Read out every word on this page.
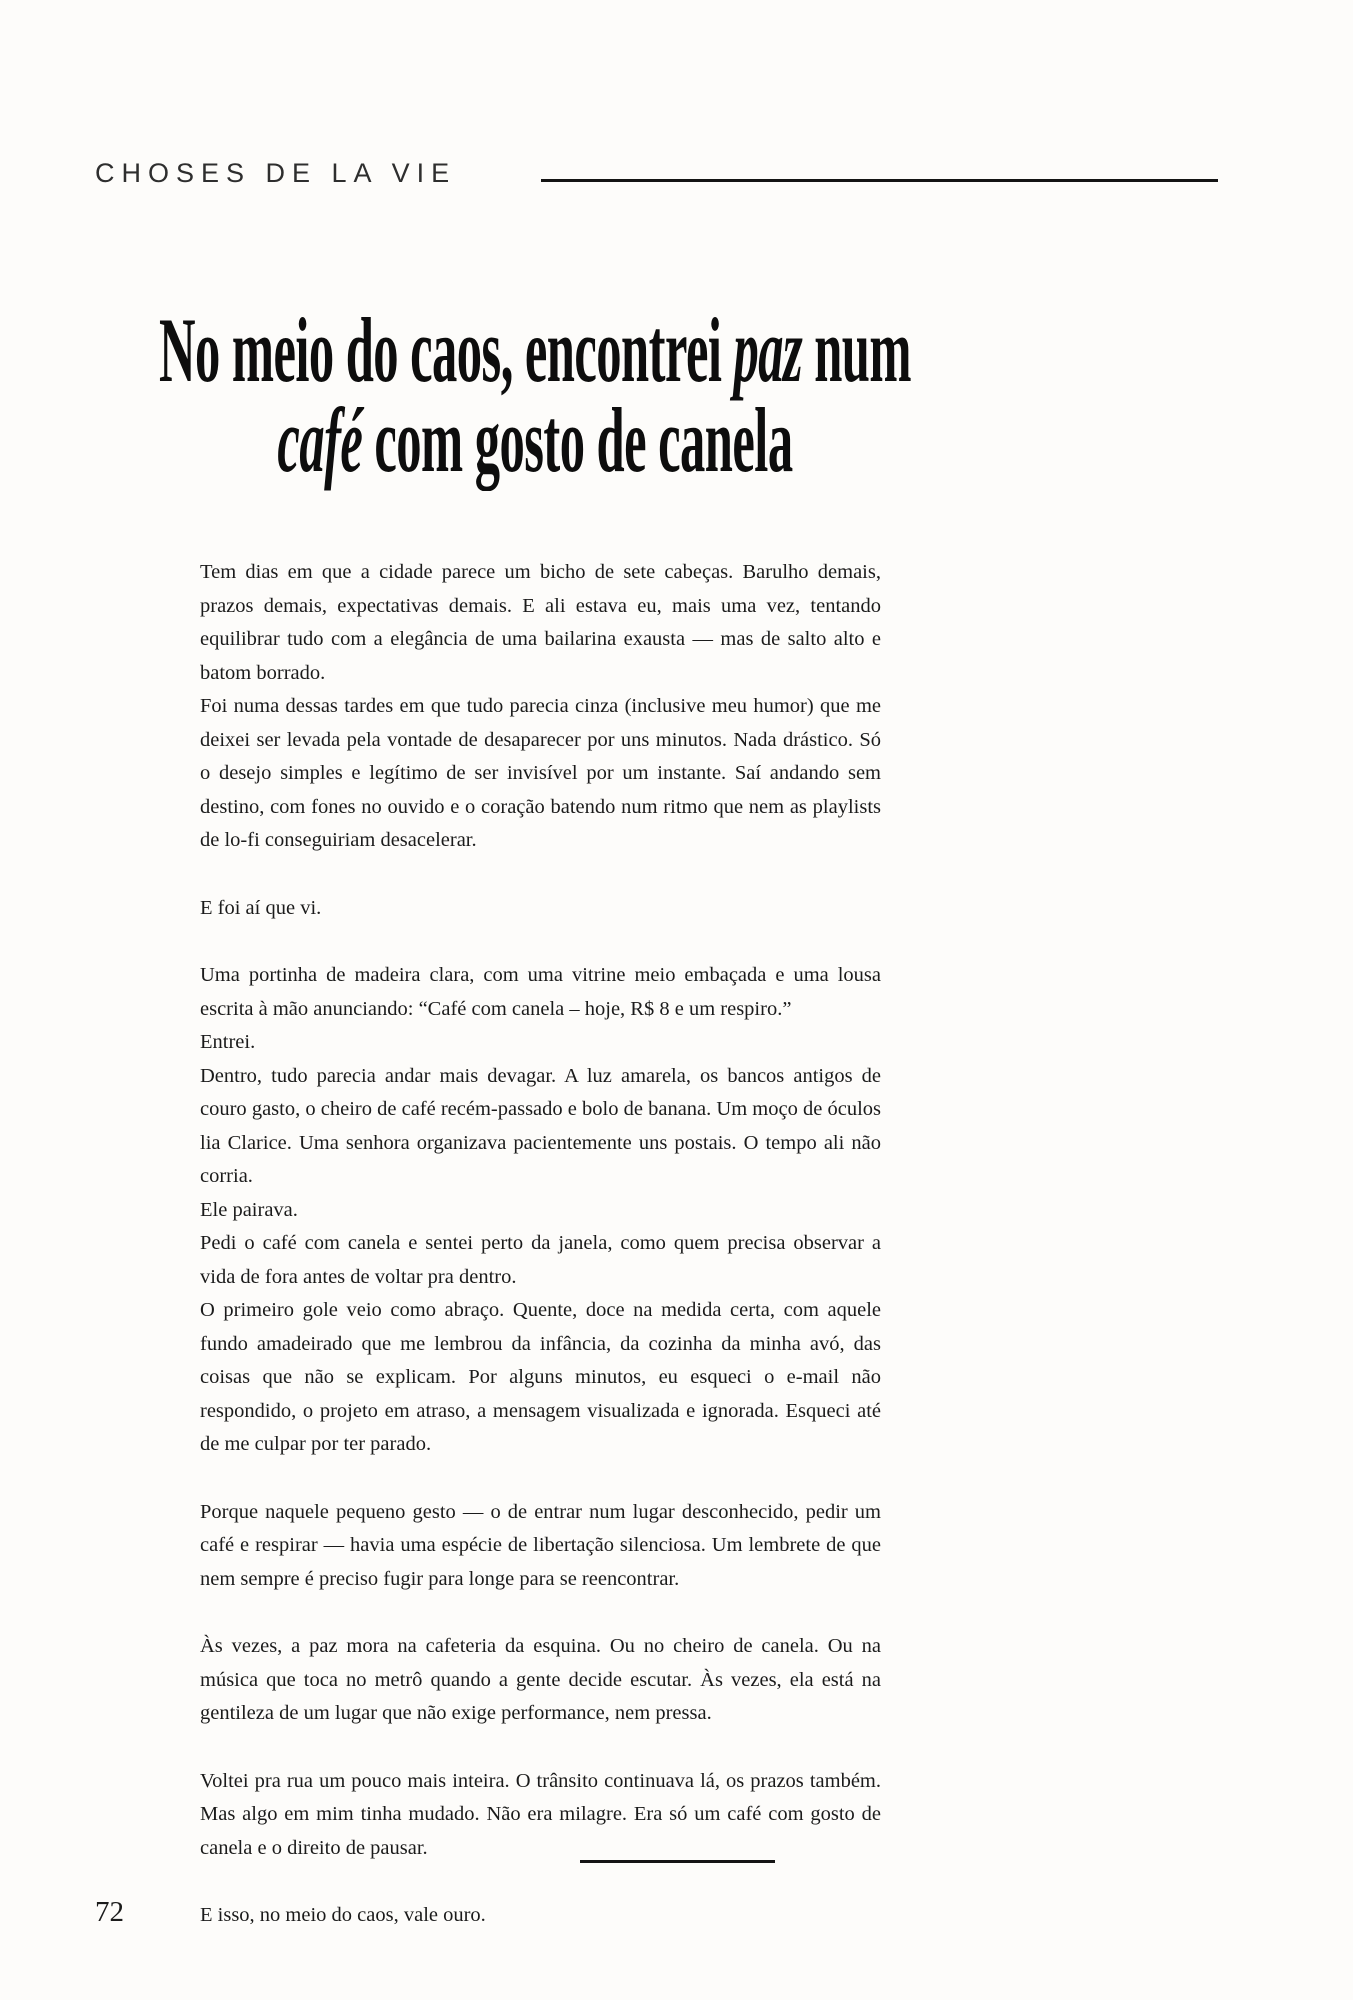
CHOSES DE LA VIE
No meio do caos, encontrei paz num
café com gosto de canela

Tem dias em que a cidade parece um bicho de sete cabeças. Barulho demais, prazos demais, expectativas demais. E ali estava eu, mais uma vez, tentando equilibrar tudo com a elegância de uma bailarina exausta — mas de salto alto e batom borrado.

Foi numa dessas tardes em que tudo parecia cinza (inclusive meu humor) que me deixei ser levada pela vontade de desaparecer por uns minutos. Nada drástico. Só o desejo simples e legítimo de ser invisível por um instante. Saí andando sem destino, com fones no ouvido e o coração batendo num ritmo que nem as playlists de lo-fi conseguiriam desacelerar.

E foi aí que vi.

Uma portinha de madeira clara, com uma vitrine meio embaçada e uma lousa escrita à mão anunciando: “Café com canela – hoje, R$ 8 e um respiro.”

Entrei.

Dentro, tudo parecia andar mais devagar. A luz amarela, os bancos antigos de couro gasto, o cheiro de café recém-passado e bolo de banana. Um moço de óculos lia Clarice. Uma senhora organizava pacientemente uns postais. O tempo ali não corria.

Ele pairava.

Pedi o café com canela e sentei perto da janela, como quem precisa observar a vida de fora antes de voltar pra dentro.

O primeiro gole veio como abraço. Quente, doce na medida certa, com aquele fundo amadeirado que me lembrou da infância, da cozinha da minha avó, das coisas que não se explicam. Por alguns minutos, eu esqueci o e-mail não respondido, o projeto em atraso, a mensagem visualizada e ignorada. Esqueci até de me culpar por ter parado.

Porque naquele pequeno gesto — o de entrar num lugar desconhecido, pedir um café e respirar — havia uma espécie de libertação silenciosa. Um lembrete de que nem sempre é preciso fugir para longe para se reencontrar.

Às vezes, a paz mora na cafeteria da esquina. Ou no cheiro de canela. Ou na música que toca no metrô quando a gente decide escutar. Às vezes, ela está na gentileza de um lugar que não exige performance, nem pressa.

Voltei pra rua um pouco mais inteira. O trânsito continuava lá, os prazos também. Mas algo em mim tinha mudado. Não era milagre. Era só um café com gosto de canela e o direito de pausar.

E isso, no meio do caos, vale ouro.

72
